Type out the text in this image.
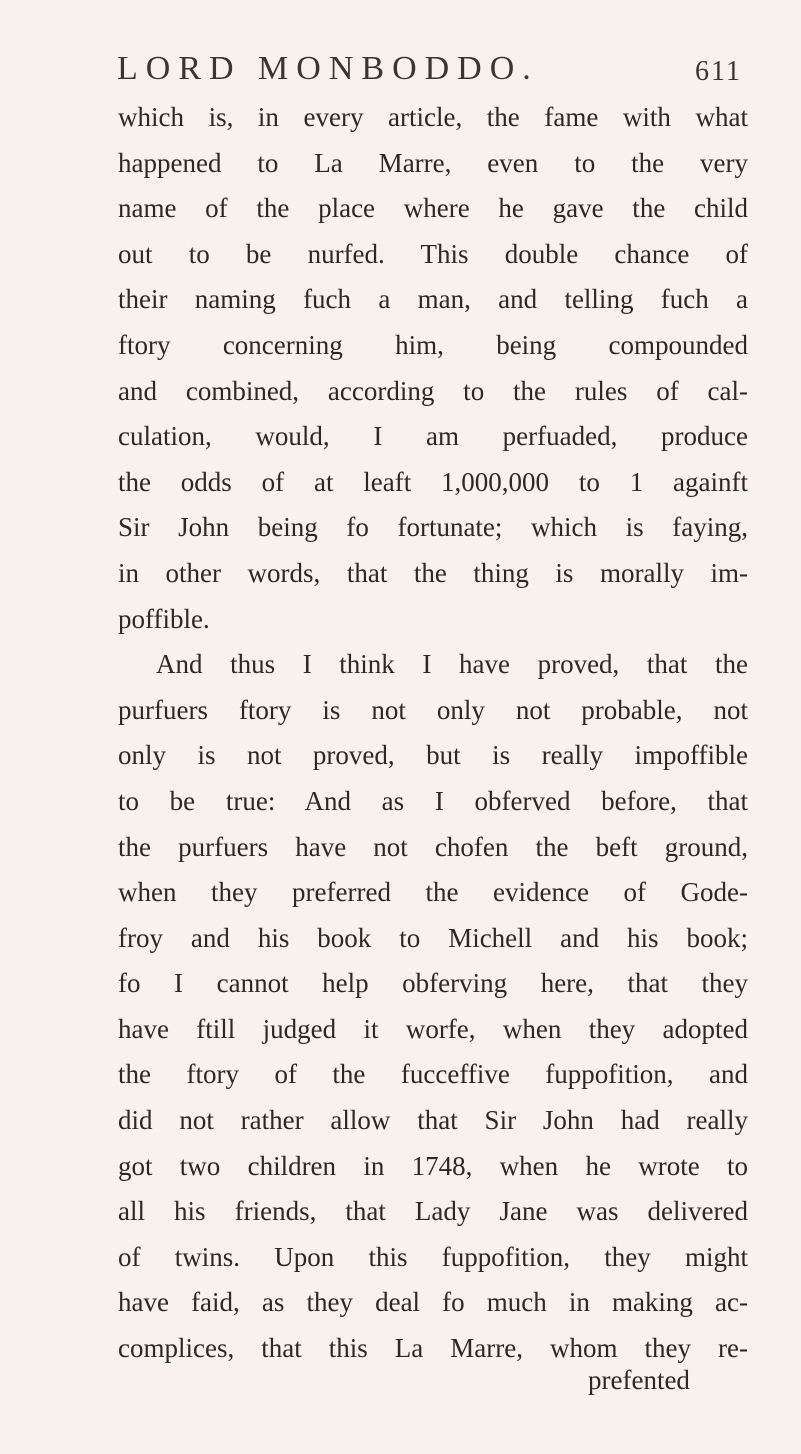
LORD MONBODDO.	611
which is, in every article, the fame with what
happened to La Marre, even to the very
name of the place where he gave the child
out to be nurfed. This double chance of
their naming fuch a man, and telling fuch a
ftory concerning him, being compounded
and combined, according to the rules of cal-
culation, would, I am perfuaded, produce
the odds of at leaft 1,000,000 to 1 againft
Sir John being fo fortunate; which is faying,
in other words, that the thing is morally im-
poffible.
And thus I think I have proved, that the
purfuers ftory is not only not probable, not
only is not proved, but is really impoffible
to be true: And as I obferved before, that
the purfuers have not chofen the beft ground,
when they preferred the evidence of Gode-
froy and his book to Michell and his book;
fo I cannot help obferving here, that they
have ftill judged it worfe, when they adopted
the ftory of the fucceffive fuppofition, and
did not rather allow that Sir John had really
got two children in 1748, when he wrote to
all his friends, that Lady Jane was delivered
of twins. Upon this fuppofition, they might
have faid, as they deal fo much in making ac-
complices, that this La Marre, whom they re-
prefented
